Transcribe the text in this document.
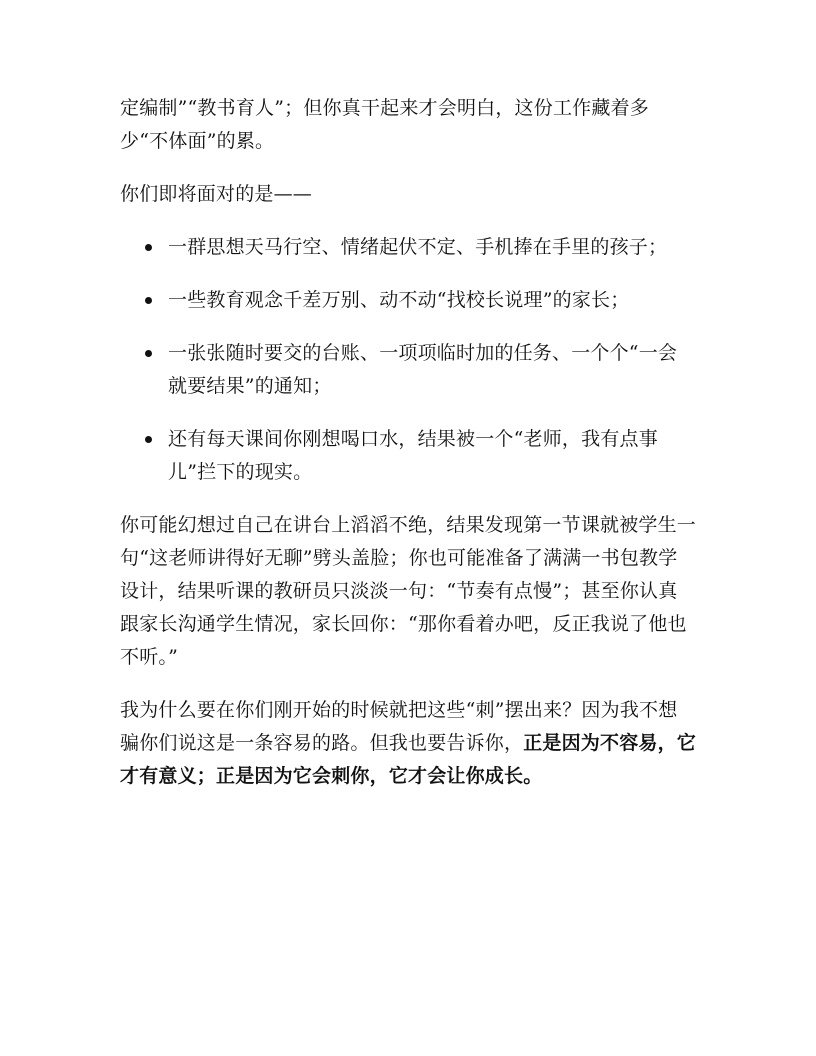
定编制”“教书育人”；但你真干起来才会明白，这份工作藏着多少“不体面”的累。

你们即将面对的是——

一群思想天马行空、情绪起伏不定、手机捧在手里的孩子；
一些教育观念千差万别、动不动“找校长说理”的家长；
一张张随时要交的台账、一项项临时加的任务、一个个“一会就要结果”的通知；
还有每天课间你刚想喝口水，结果被一个“老师，我有点事儿”拦下的现实。

你可能幻想过自己在讲台上滔滔不绝，结果发现第一节课就被学生一句“这老师讲得好无聊”劈头盖脸；你也可能准备了满满一书包教学设计，结果听课的教研员只淡淡一句：“节奏有点慢”；甚至你认真跟家长沟通学生情况，家长回你：“那你看着办吧，反正我说了他也不听。”

我为什么要在你们刚开始的时候就把这些“刺”摆出来？因为我不想骗你们说这是一条容易的路。但我也要告诉你，正是因为不容易，它才有意义；正是因为它会刺你，它才会让你成长。
